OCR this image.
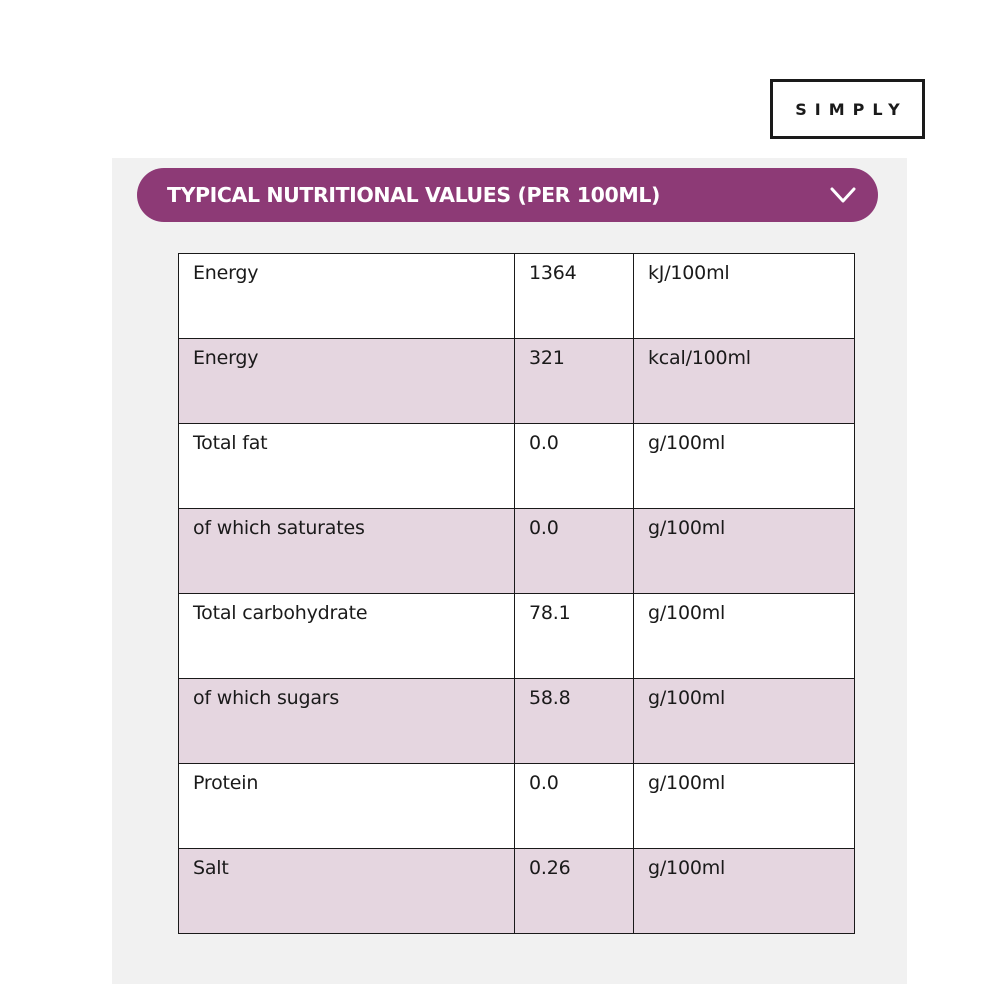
SIMPLY
TYPICAL NUTRITIONAL VALUES (PER 100ML)
Energy	1364	kJ/100ml
Energy	321	kcal/100ml
Total fat	0.0	g/100ml
of which saturates	0.0	g/100ml
Total carbohydrate	78.1	g/100ml
of which sugars	58.8	g/100ml
Protein	0.0	g/100ml
Salt	0.26	g/100ml
